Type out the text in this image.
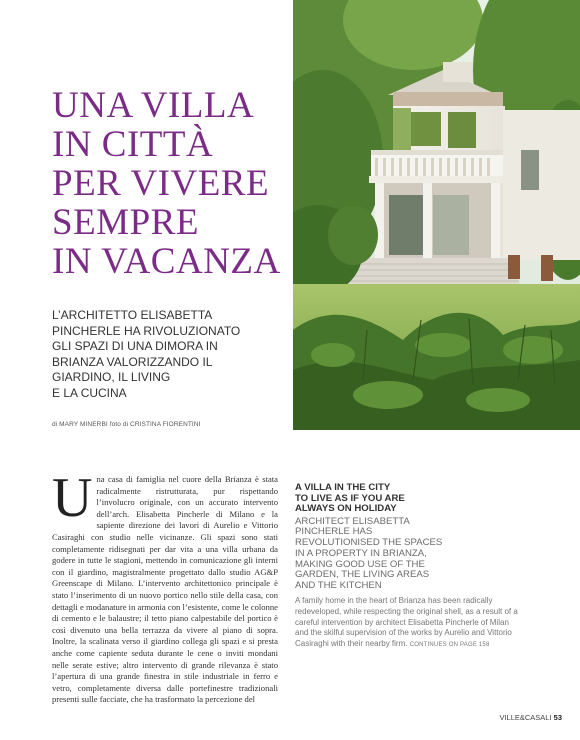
UNA VILLA
IN CITTÀ
PER VIVERE
SEMPRE
IN VACANZA
L’ARCHITETTO ELISABETTA
PINCHERLE HA RIVOLUZIONATO
GLI SPAZI DI UNA DIMORA IN
BRIANZA VALORIZZANDO IL
GIARDINO, IL LIVING
E LA CUCINA
di MARY MINERBI foto di CRISTINA FIORENTINI
Una casa di famiglia nel cuore della Brianza è stata radicalmente ristrutturata, pur rispettando l’involucro originale, con un accurato intervento dell’arch. Elisabetta Pincherle di Milano e la sapiente direzione dei lavori di Aurelio e Vittorio Casiraghi con studio nelle vicinanze. Gli spazi sono stati completamente ridisegnati per dar vita a una villa urbana da godere in tutte le stagioni, mettendo in comunicazione gli interni con il giardino, magistralmente progettato dallo studio AG&P Greenscape di Milano. L’intervento architettonico principale è stato l’inserimento di un nuovo portico nello stile della casa, con dettagli e modanature in armonia con l’esistente, come le colonne di cemento e le balaustre; il tetto piano calpestabile del portico è così divenuto una bella terrazza da vivere al piano di sopra. Inoltre, la scalinata verso il giardino collega gli spazi e si presta anche come capiente seduta durante le cene o inviti mondani nelle serate estive; altro intervento di grande rilevanza è stato l’apertura di una grande finestra in stile industriale in ferro e vetro, completamente diversa dalle portefinestre tradizionali presenti sulle facciate, che ha trasformato la percezione del
A VILLA IN THE CITY
TO LIVE AS IF YOU ARE
ALWAYS ON HOLIDAY
ARCHITECT ELISABETTA
PINCHERLE HAS
REVOLUTIONISED THE SPACES
IN A PROPERTY IN BRIANZA,
MAKING GOOD USE OF THE
GARDEN, THE LIVING AREAS
AND THE KITCHEN
A family home in the heart of Brianza has been radically redeveloped, while respecting the original shell, as a result of a careful intervention by architect Elisabetta Pincherle of Milan and the skilful supervision of the works by Aurelio and Vittorio Casiraghi with their nearby firm. CONTINUES ON PAGE 158
VILLE&CASALI 53
